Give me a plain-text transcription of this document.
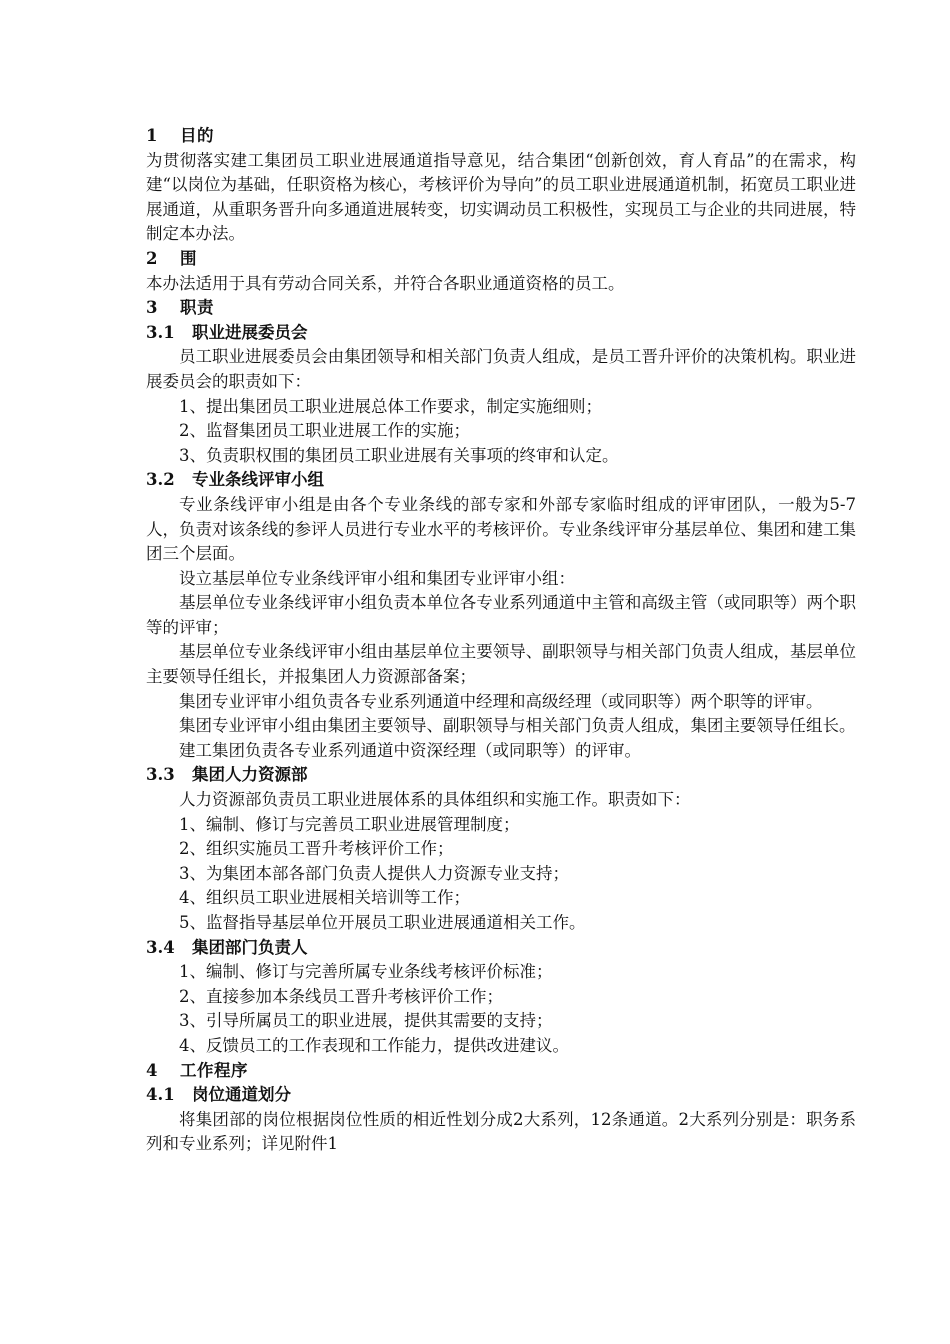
1 目的

为贯彻落实建工集团员工职业进展通道指导意见，结合集团“创新创效，育人育品”的在需求，构建“以岗位为基础，任职资格为核心，考核评价为导向”的员工职业进展通道机制，拓宽员工职业进展通道，从重职务晋升向多通道进展转变，切实调动员工积极性，实现员工与企业的共同进展，特制定本办法。

2 围

本办法适用于具有劳动合同关系，并符合各职业通道资格的员工。

3 职责
3.1 职业进展委员会

员工职业进展委员会由集团领导和相关部门负责人组成，是员工晋升评价的决策机构。职业进展委员会的职责如下：

1、提出集团员工职业进展总体工作要求，制定实施细则；

2、监督集团员工职业进展工作的实施；

3、负责职权围的集团员工职业进展有关事项的终审和认定。

3.2 专业条线评审小组

专业条线评审小组是由各个专业条线的部专家和外部专家临时组成的评审团队，一般为5-7人，负责对该条线的参评人员进行专业水平的考核评价。专业条线评审分基层单位、集团和建工集团三个层面。

设立基层单位专业条线评审小组和集团专业评审小组：

基层单位专业条线评审小组负责本单位各专业系列通道中主管和高级主管（或同职等）两个职等的评审；

基层单位专业条线评审小组由基层单位主要领导、副职领导与相关部门负责人组成，基层单位主要领导任组长，并报集团人力资源部备案；

集团专业评审小组负责各专业系列通道中经理和高级经理（或同职等）两个职等的评审。

集团专业评审小组由集团主要领导、副职领导与相关部门负责人组成，集团主要领导任组长。

建工集团负责各专业系列通道中资深经理（或同职等）的评审。

3.3 集团人力资源部

人力资源部负责员工职业进展体系的具体组织和实施工作。职责如下：

1、编制、修订与完善员工职业进展管理制度；

2、组织实施员工晋升考核评价工作；

3、为集团本部各部门负责人提供人力资源专业支持；

4、组织员工职业进展相关培训等工作；

5、监督指导基层单位开展员工职业进展通道相关工作。

3.4 集团部门负责人

1、编制、修订与完善所属专业条线考核评价标准；

2、直接参加本条线员工晋升考核评价工作；

3、引导所属员工的职业进展，提供其需要的支持；

4、反馈员工的工作表现和工作能力，提供改进建议。

4 工作程序
4.1 岗位通道划分

将集团部的岗位根据岗位性质的相近性划分成2大系列，12条通道。2大系列分别是：职务系列和专业系列；详见附件1
